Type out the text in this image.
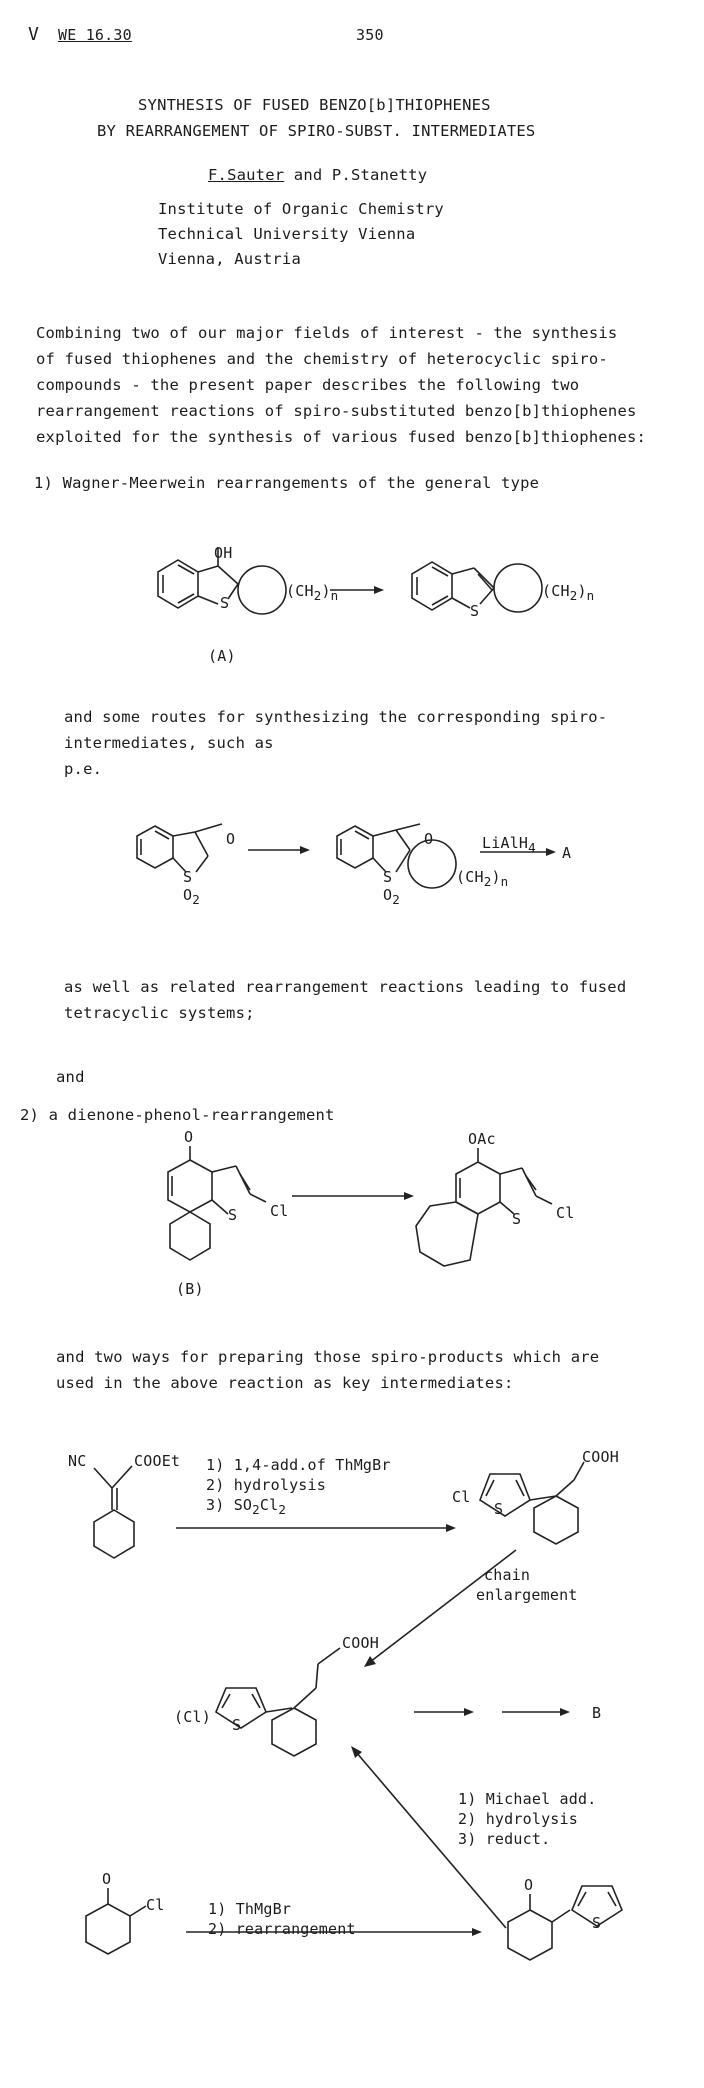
V WE 16.30	350
SYNTHESIS OF FUSED BENZO[b]THIOPHENES
BY REARRANGEMENT OF SPIRO-SUBST. INTERMEDIATES
F.Sauter and P.Stanetty
Institute of Organic Chemistry
Technical University Vienna
Vienna, Austria
Combining two of our major fields of interest - the synthesis
of fused thiophenes and the chemistry of heterocyclic spiro-
compounds - the present paper describes the following two
rearrangement reactions of spiro-substituted benzo[b]thiophenes
exploited for the synthesis of various fused benzo[b]thiophenes:
1) Wagner-Meerwein rearrangements of the general type
OH
S
$(CH_2)_n$
S
$(CH_2)_n$
(A)
and some routes for synthesizing the corresponding spiro-
intermediates, such as
p.e.
O
S
$O_2$
O
S
$O_2$
$(CH_2)_n$
LiAlH$_4$ A
as well as related rearrangement reactions leading to fused
tetracyclic systems;
and
2) a dienone-phenol-rearrangement
O
S Cl
OAc
S Cl
(B)
and two ways for preparing those spiro-products which are
used in the above reaction as key intermediates:
NC	COOEt 1) 1,4-add.of ThMgBr
2) hydrolysis
3) $SO_2Cl_2$
Cl
S
COOH
chain
enlargement
(Cl) S
COOH
B
1) Michael add.
2) hydrolysis
3) reduct.
O
Cl	1) ThMgBr
2) rearrangement
O
S
